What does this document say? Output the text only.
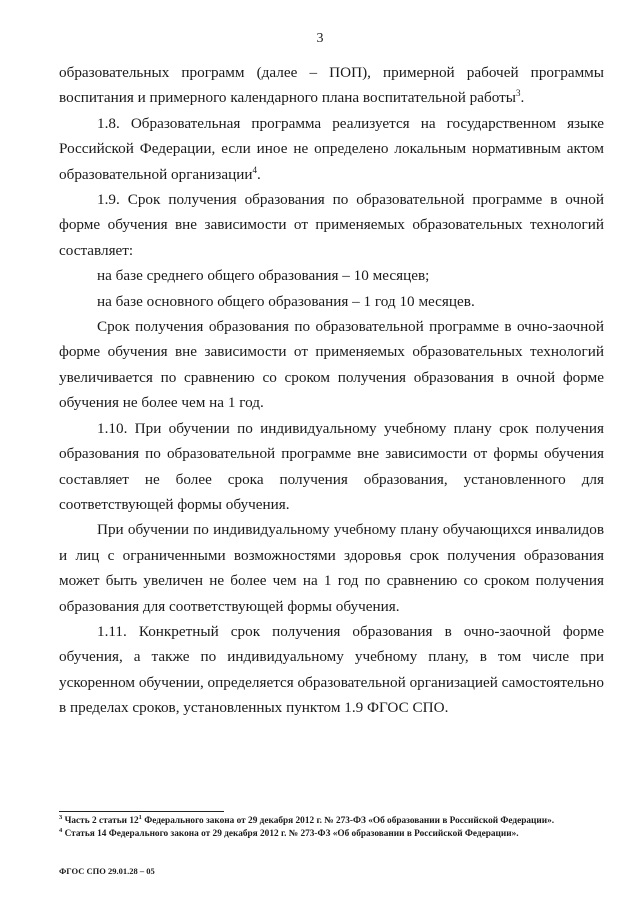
3

образовательных программ (далее – ПОП), примерной рабочей программы воспитания и примерного календарного плана воспитательной работы$^3$.

1.8. Образовательная программа реализуется на государственном языке Российской Федерации, если иное не определено локальным нормативным актом образовательной организации$^4$.

1.9. Срок получения образования по образовательной программе в очной форме обучения вне зависимости от применяемых образовательных технологий составляет:

на базе среднего общего образования – 10 месяцев;

на базе основного общего образования – 1 год 10 месяцев.

Срок получения образования по образовательной программе в очно-заочной форме обучения вне зависимости от применяемых образовательных технологий увеличивается по сравнению со сроком получения образования в очной форме обучения не более чем на 1 год.

1.10. При обучении по индивидуальному учебному плану срок получения образования по образовательной программе вне зависимости от формы обучения составляет не более срока получения образования, установленного для соответствующей формы обучения.

При обучении по индивидуальному учебному плану обучающихся инвалидов и лиц с ограниченными возможностями здоровья срок получения образования может быть увеличен не более чем на 1 год по сравнению со сроком получения образования для соответствующей формы обучения.

1.11. Конкретный срок получения образования в очно-заочной форме обучения, а также по индивидуальному учебному плану, в том числе при ускоренном обучении, определяется образовательной организацией самостоятельно в пределах сроков, установленных пунктом 1.9 ФГОС СПО.

$^3$ Часть 2 статьи $12^1$ Федерального закона от 29 декабря 2012 г. № 273-ФЗ «Об образовании в Российской Федерации».

$^4$ Статья 14 Федерального закона от 29 декабря 2012 г. № 273-ФЗ «Об образовании в Российской Федерации».

ФГОС СПО 29.01.28 – 05
